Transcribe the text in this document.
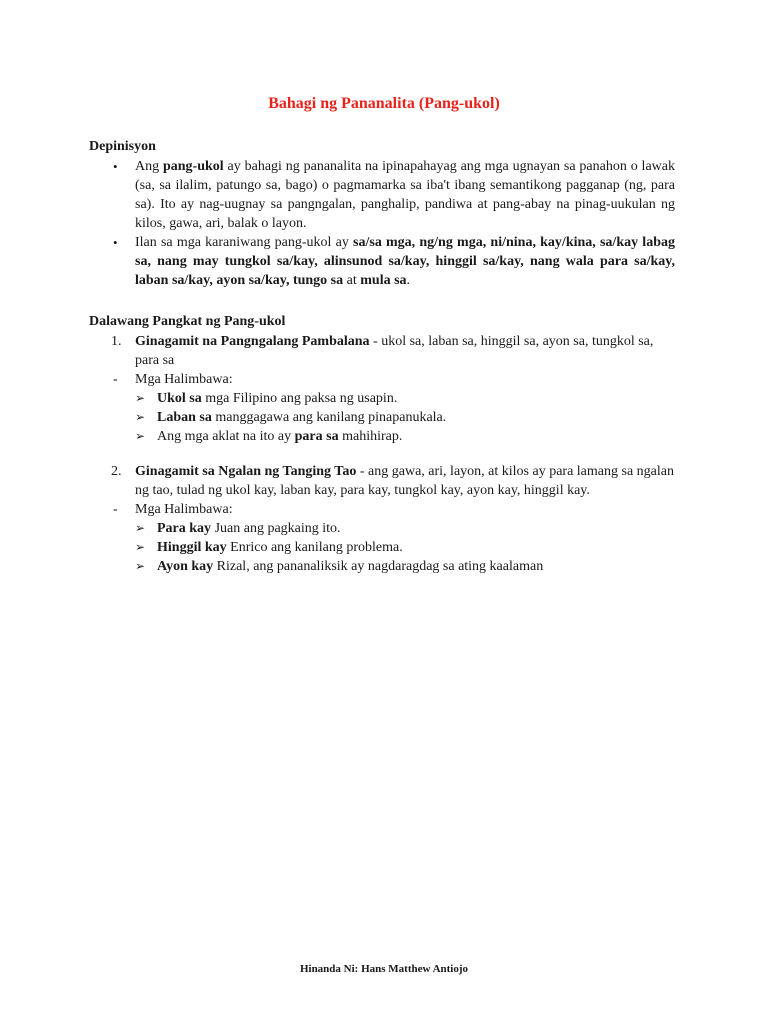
Bahagi ng Pananalita (Pang-ukol)
Depinisyon
•	Ang pang-ukol ay bahagi ng pananalita na ipinapahayag ang mga ugnayan sa panahon o lawak (sa, sa ilalim, patungo sa, bago) o pagmamarka sa iba't ibang semantikong pagganap (ng, para sa). Ito ay nag-uugnay sa pangngalan, panghalip, pandiwa at pang-abay na pinag-uukulan ng kilos, gawa, ari, balak o layon.
•	Ilan sa mga karaniwang pang-ukol ay sa/sa mga, ng/ng mga, ni/nina, kay/kina, sa/kay labag sa, nang may tungkol sa/kay, alinsunod sa/kay, hinggil sa/kay, nang wala para sa/kay, laban sa/kay, ayon sa/kay, tungo sa at mula sa.
Dalawang Pangkat ng Pang-ukol
1. Ginagamit na Pangngalang Pambalana - ukol sa, laban sa, hinggil sa, ayon sa, tungkol sa, para sa
- Mga Halimbawa:
➢ Ukol sa mga Filipino ang paksa ng usapin.
➢ Laban sa manggagawa ang kanilang pinapanukala.
➢ Ang mga aklat na ito ay para sa mahihirap.
2. Ginagamit sa Ngalan ng Tanging Tao - ang gawa, ari, layon, at kilos ay para lamang sa ngalan ng tao, tulad ng ukol kay, laban kay, para kay, tungkol kay, ayon kay, hinggil kay.
- Mga Halimbawa:
➢ Para kay Juan ang pagkaing ito.
➢ Hinggil kay Enrico ang kanilang problema.
➢ Ayon kay Rizal, ang pananaliksik ay nagdaragdag sa ating kaalaman
Hinanda Ni: Hans Matthew Antiojo
